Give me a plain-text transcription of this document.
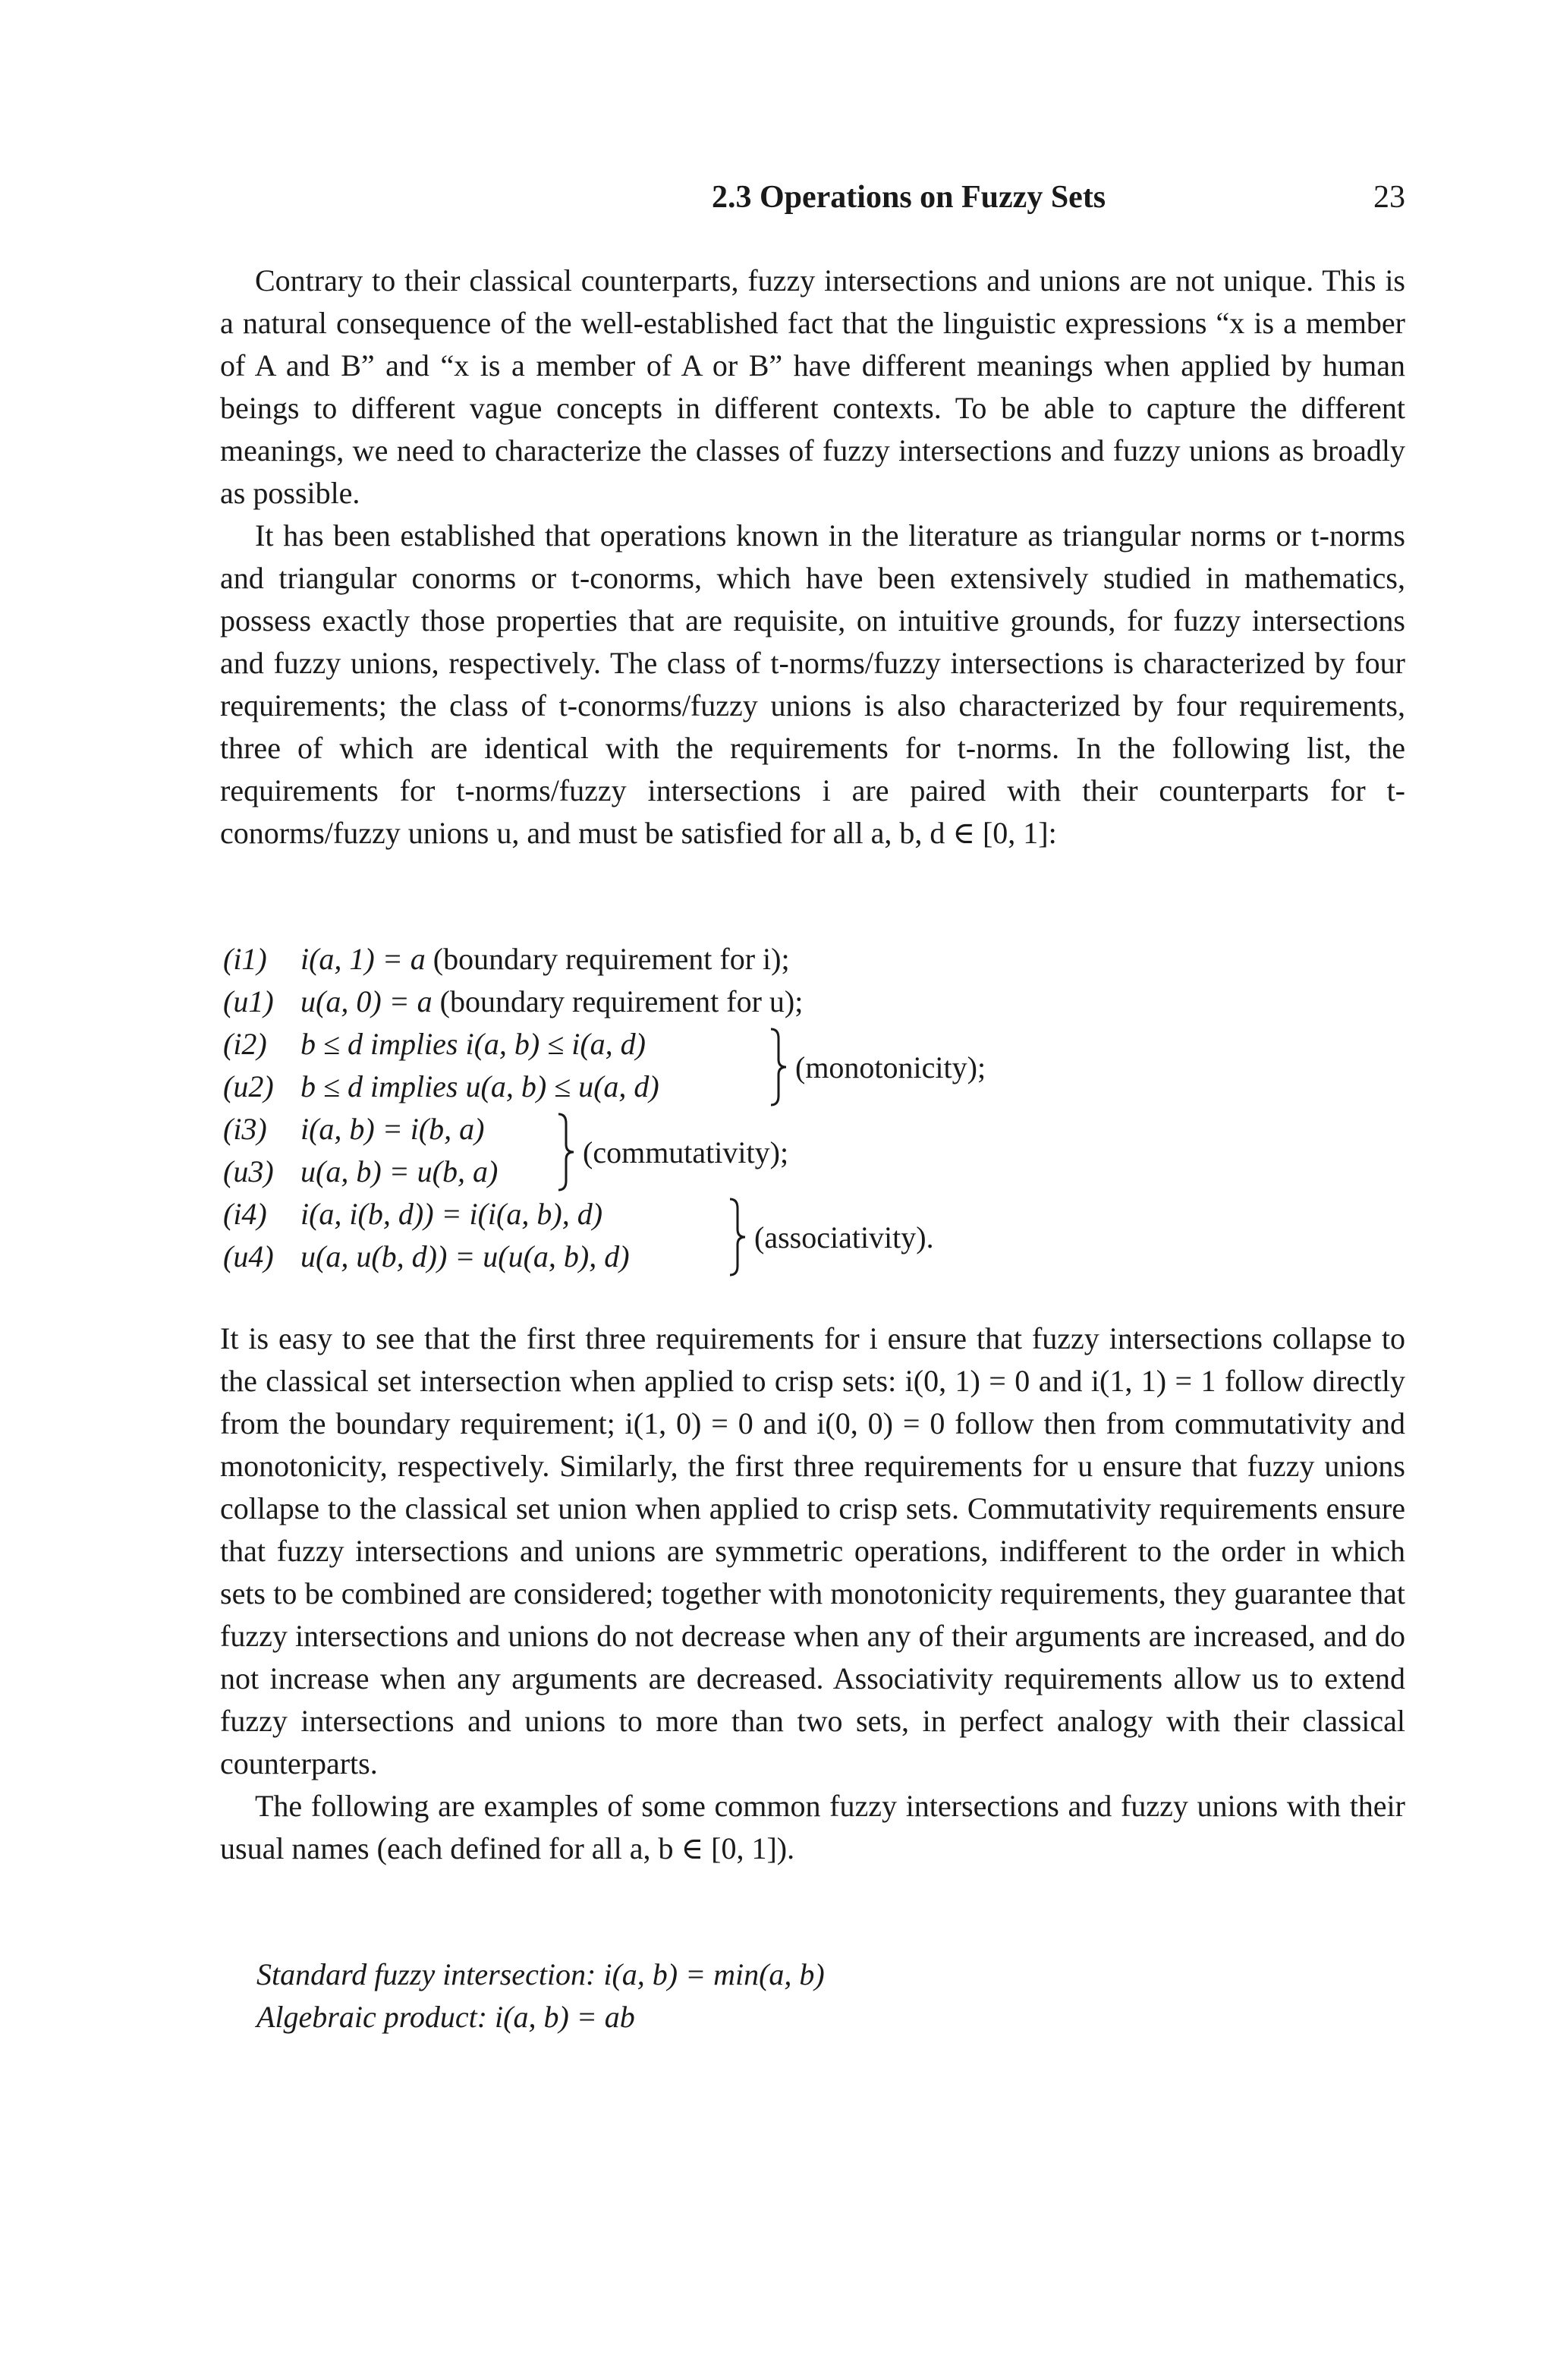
2.3 Operations on Fuzzy Sets	23

Contrary to their classical counterparts, fuzzy intersections and unions are not unique. This is a natural consequence of the well-established fact that the linguistic expressions “x is a member of A and B” and “x is a member of A or B” have different meanings when applied by human beings to different vague concepts in different contexts. To be able to capture the different meanings, we need to characterize the classes of fuzzy intersections and fuzzy unions as broadly as possible.

It has been established that operations known in the literature as triangular norms or t-norms and triangular conorms or t-conorms, which have been extensively studied in mathematics, possess exactly those properties that are requisite, on intuitive grounds, for fuzzy intersections and fuzzy unions, respectively. The class of t-norms/fuzzy intersections is characterized by four requirements; the class of t-conorms/fuzzy unions is also characterized by four requirements, three of which are identical with the requirements for t-norms. In the following list, the requirements for t-norms/fuzzy intersections i are paired with their counterparts for t-conorms/fuzzy unions u, and must be satisfied for all a, b, d ∈ [0, 1]:

(i1) i(a, 1) = a (boundary requirement for i);
(u1) u(a, 0) = a (boundary requirement for u);
(i2) b ≤ d implies i(a, b) ≤ i(a, d)
(u2) b ≤ d implies u(a, b) ≤ u(a, d)
(monotonicity);
(i3) i(a, b) = i(b, a)
(u3) u(a, b) = u(b, a)
(commutativity);
(i4) i(a, i(b, d)) = i(i(a, b), d)
(u4) u(a, u(b, d)) = u(u(a, b), d)
(associativity).

It is easy to see that the first three requirements for i ensure that fuzzy intersections collapse to the classical set intersection when applied to crisp sets: i(0, 1) = 0 and i(1, 1) = 1 follow directly from the boundary requirement; i(1, 0) = 0 and i(0, 0) = 0 follow then from commutativity and monotonicity, respectively. Similarly, the first three requirements for u ensure that fuzzy unions collapse to the classical set union when applied to crisp sets. Commutativity requirements ensure that fuzzy intersections and unions are symmetric operations, indifferent to the order in which sets to be combined are considered; together with monotonicity requirements, they guarantee that fuzzy intersections and unions do not decrease when any of their arguments are increased, and do not increase when any arguments are decreased. Associativity requirements allow us to extend fuzzy intersections and unions to more than two sets, in perfect analogy with their classical counterparts.

The following are examples of some common fuzzy intersections and fuzzy unions with their usual names (each defined for all a, b ∈ [0, 1]).

Standard fuzzy intersection: i(a, b) = min(a, b)
Algebraic product: i(a, b) = ab
